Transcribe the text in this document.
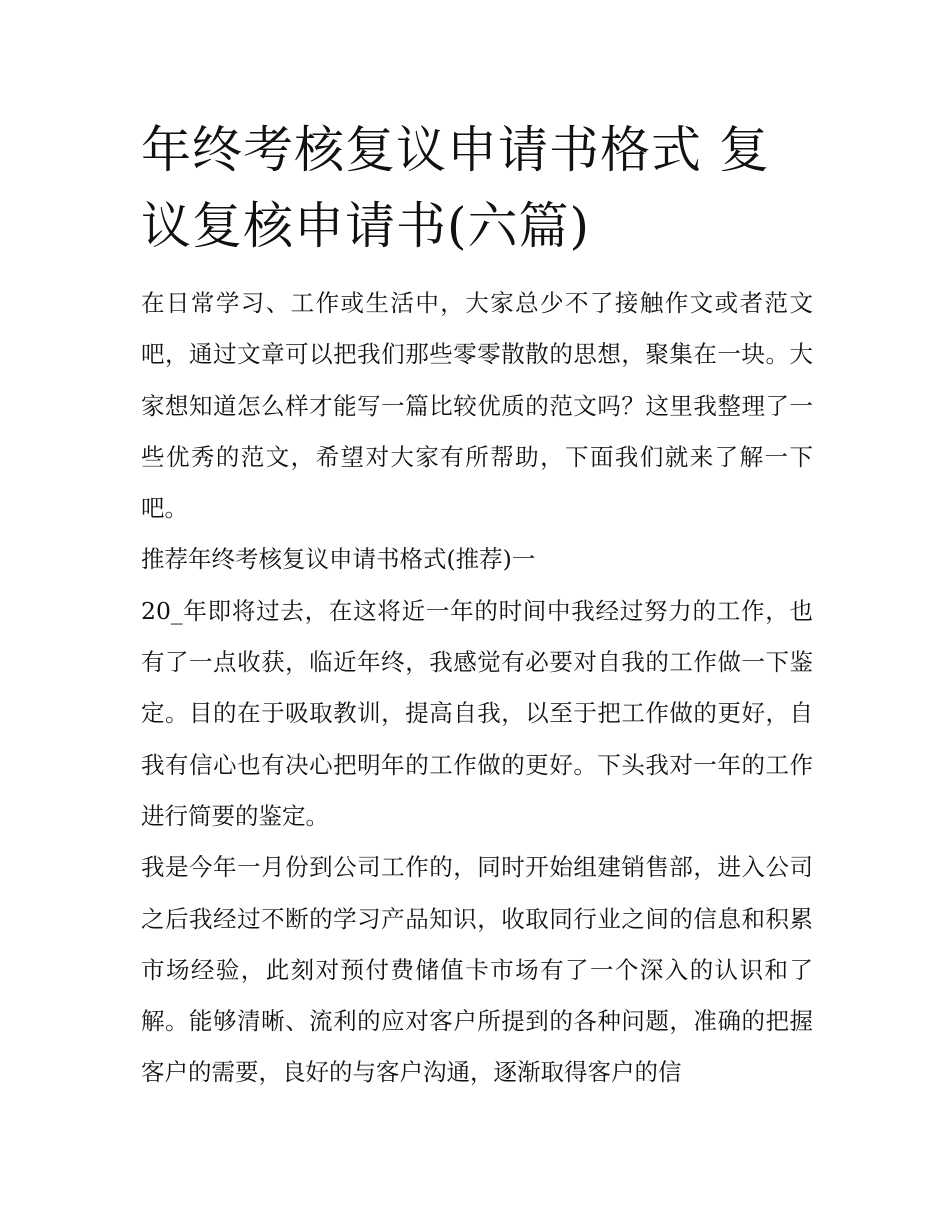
年终考核复议申请书格式 复议复核申请书(六篇)

在日常学习、工作或生活中，大家总少不了接触作文或者范文吧，通过文章可以把我们那些零零散散的思想，聚集在一块。大家想知道怎么样才能写一篇比较优质的范文吗？这里我整理了一些优秀的范文，希望对大家有所帮助，下面我们就来了解一下吧。

推荐年终考核复议申请书格式(推荐)一

20_年即将过去，在这将近一年的时间中我经过努力的工作，也有了一点收获，临近年终，我感觉有必要对自我的工作做一下鉴定。目的在于吸取教训，提高自我，以至于把工作做的更好，自我有信心也有决心把明年的工作做的更好。下头我对一年的工作进行简要的鉴定。

我是今年一月份到公司工作的，同时开始组建销售部，进入公司之后我经过不断的学习产品知识，收取同行业之间的信息和积累市场经验，此刻对预付费储值卡市场有了一个深入的认识和了解。能够清晰、流利的应对客户所提到的各种问题，准确的把握客户的需要，良好的与客户沟通，逐渐取得客户的信
